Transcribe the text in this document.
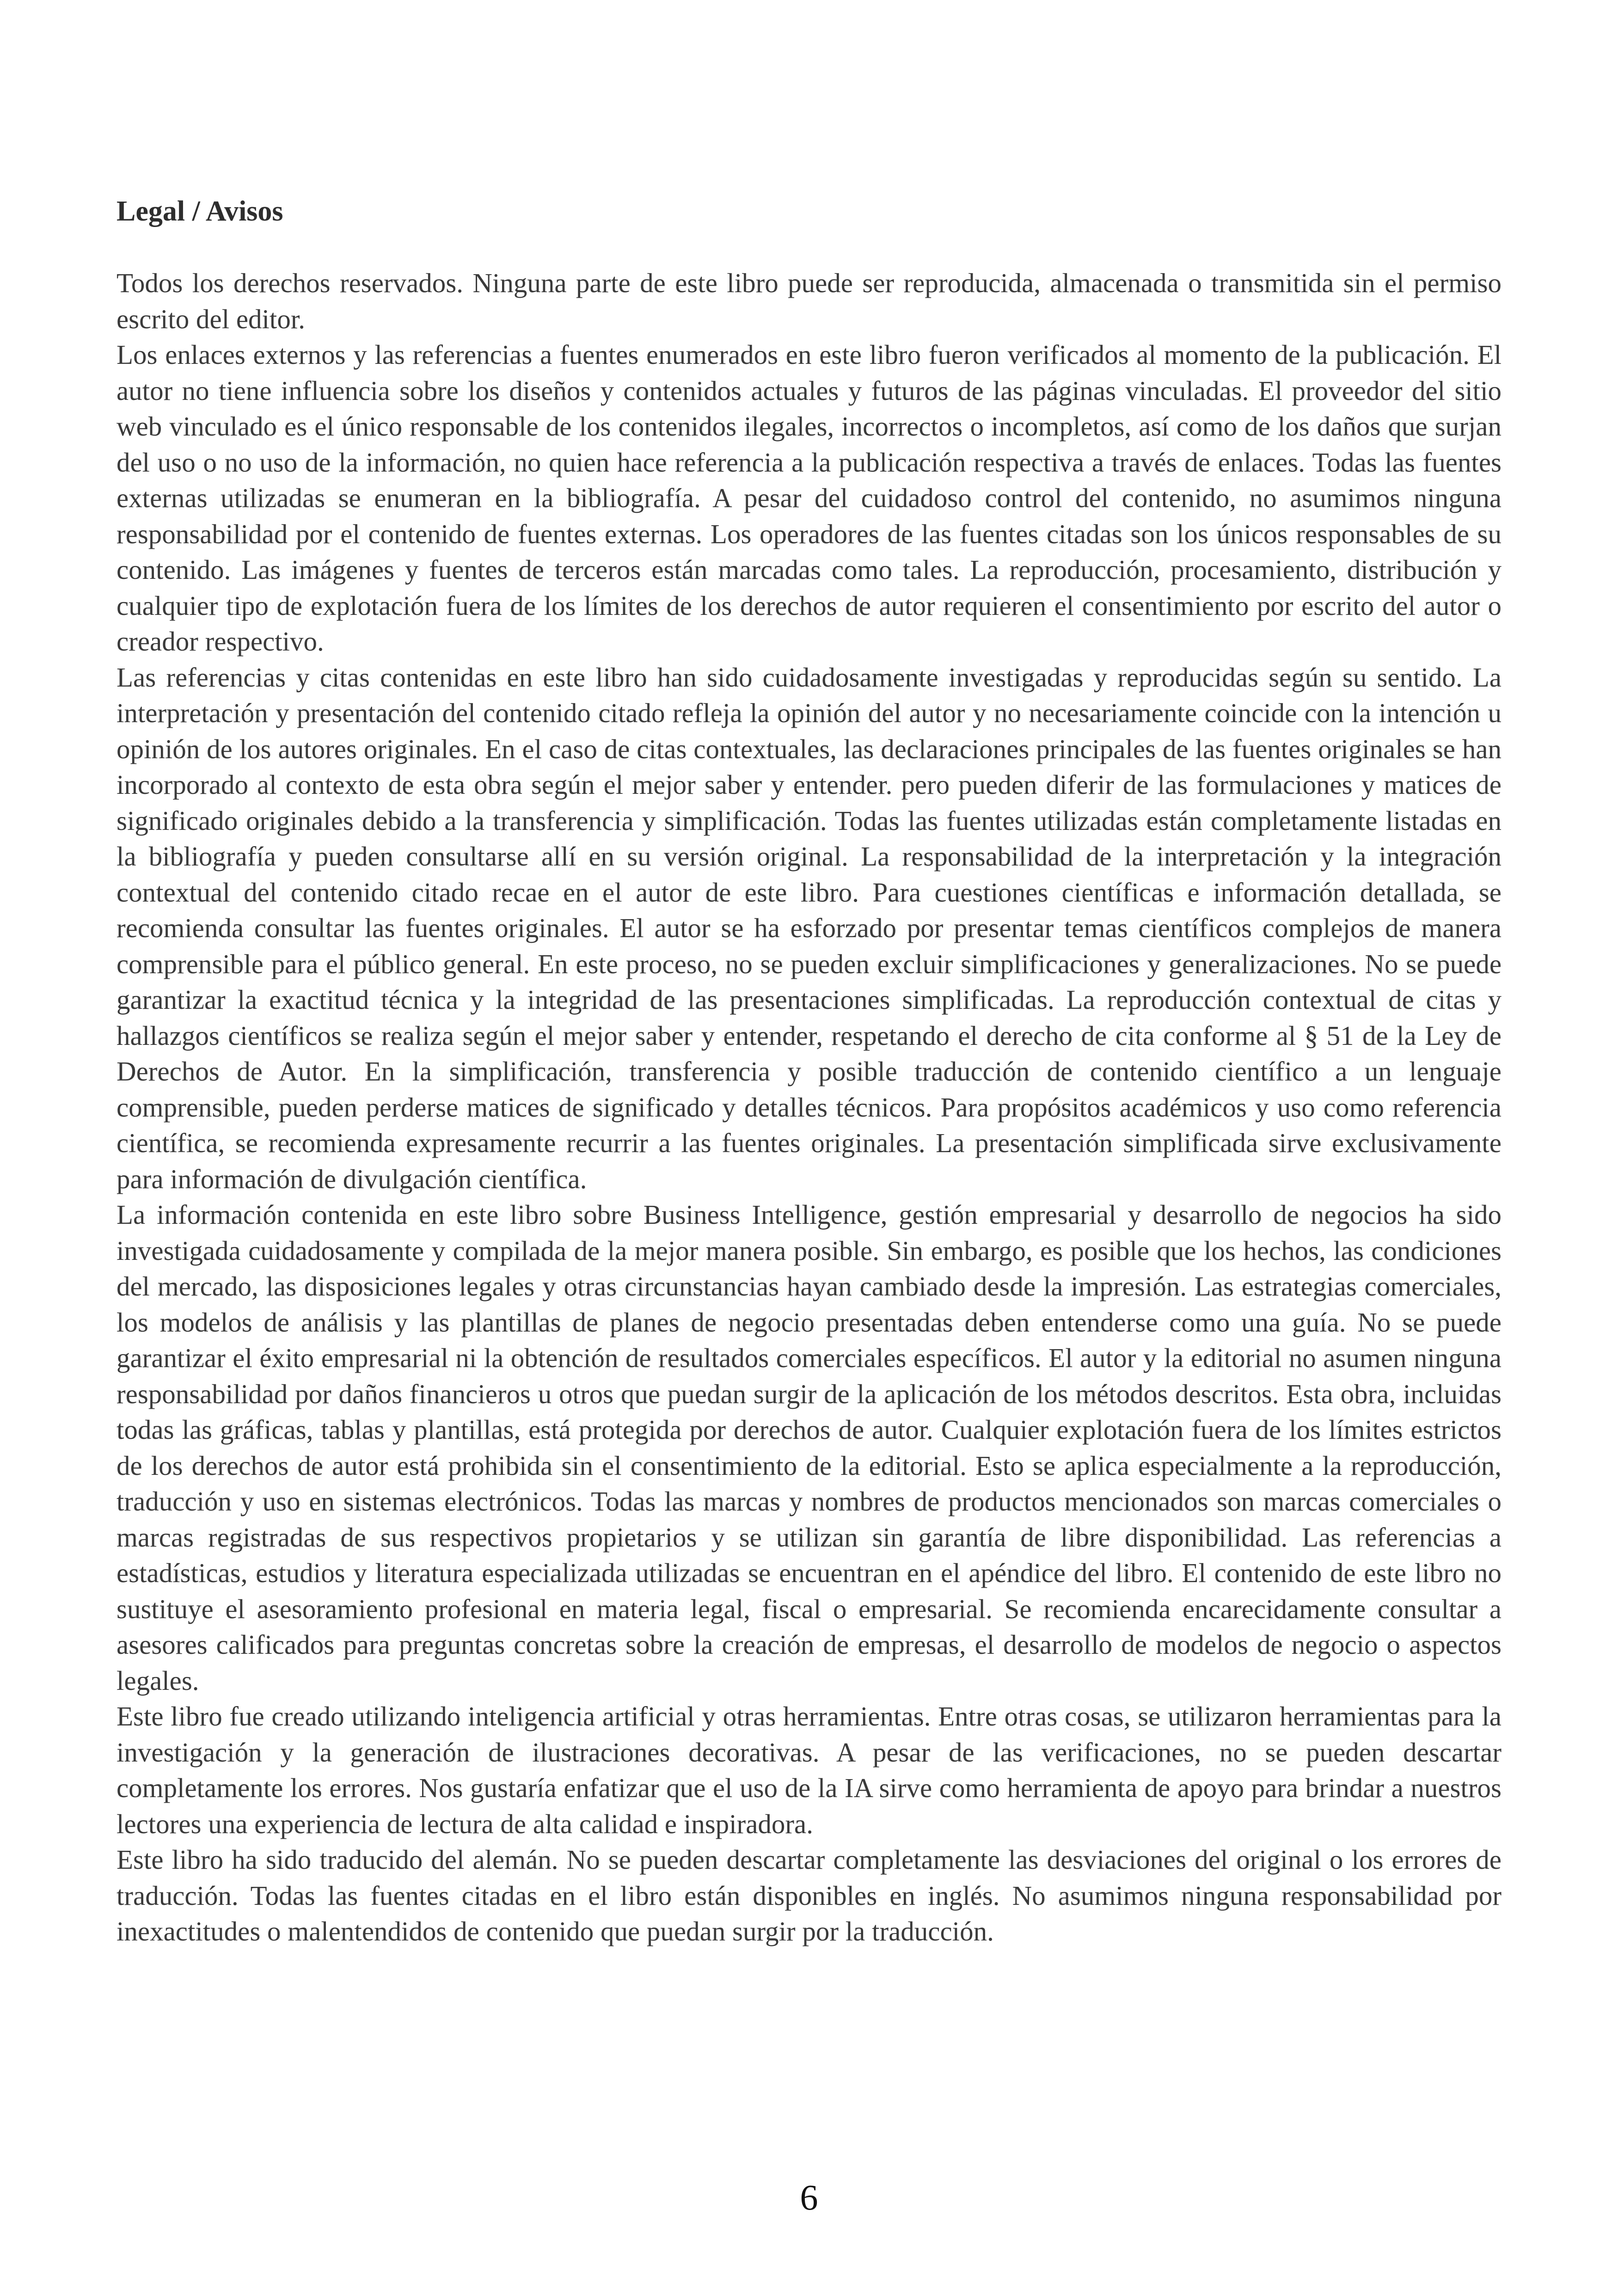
Legal / Avisos

Todos los derechos reservados. Ninguna parte de este libro puede ser reproducida, almacenada o transmitida sin el permiso escrito del editor.

Los enlaces externos y las referencias a fuentes enumerados en este libro fueron verificados al momento de la publicación. El autor no tiene influencia sobre los diseños y contenidos actuales y futuros de las páginas vinculadas. El proveedor del sitio web vinculado es el único responsable de los contenidos ilegales, incorrectos o incompletos, así como de los daños que surjan del uso o no uso de la información, no quien hace referencia a la publicación respectiva a través de enlaces. Todas las fuentes externas utilizadas se enumeran en la bibliografía. A pesar del cuidadoso control del contenido, no asumimos ninguna responsabilidad por el contenido de fuentes externas. Los operadores de las fuentes citadas son los únicos responsables de su contenido. Las imágenes y fuentes de terceros están marcadas como tales. La reproducción, procesamiento, distribución y cualquier tipo de explotación fuera de los límites de los derechos de autor requieren el consentimiento por escrito del autor o creador respectivo.

Las referencias y citas contenidas en este libro han sido cuidadosamente investigadas y reproducidas según su sentido. La interpretación y presentación del contenido citado refleja la opinión del autor y no necesariamente coincide con la intención u opinión de los autores originales. En el caso de citas contextuales, las declaraciones principales de las fuentes originales se han incorporado al contexto de esta obra según el mejor saber y entender. pero pueden diferir de las formulaciones y matices de significado originales debido a la transferencia y simplificación. Todas las fuentes utilizadas están completamente listadas en la bibliografía y pueden consultarse allí en su versión original. La responsabilidad de la interpretación y la integración contextual del contenido citado recae en el autor de este libro. Para cuestiones científicas e información detallada, se recomienda consultar las fuentes originales. El autor se ha esforzado por presentar temas científicos complejos de manera comprensible para el público general. En este proceso, no se pueden excluir simplificaciones y generalizaciones. No se puede garantizar la exactitud técnica y la integridad de las presentaciones simplificadas. La reproducción contextual de citas y hallazgos científicos se realiza según el mejor saber y entender, respetando el derecho de cita conforme al § 51 de la Ley de Derechos de Autor. En la simplificación, transferencia y posible traducción de contenido científico a un lenguaje comprensible, pueden perderse matices de significado y detalles técnicos. Para propósitos académicos y uso como referencia científica, se recomienda expresamente recurrir a las fuentes originales. La presentación simplificada sirve exclusivamente para información de divulgación científica.

La información contenida en este libro sobre Business Intelligence, gestión empresarial y desarrollo de negocios ha sido investigada cuidadosamente y compilada de la mejor manera posible. Sin embargo, es posible que los hechos, las condiciones del mercado, las disposiciones legales y otras circunstancias hayan cambiado desde la impresión. Las estrategias comerciales, los modelos de análisis y las plantillas de planes de negocio presentadas deben entenderse como una guía. No se puede garantizar el éxito empresarial ni la obtención de resultados comerciales específicos. El autor y la editorial no asumen ninguna responsabilidad por daños financieros u otros que puedan surgir de la aplicación de los métodos descritos. Esta obra, incluidas todas las gráficas, tablas y plantillas, está protegida por derechos de autor. Cualquier explotación fuera de los límites estrictos de los derechos de autor está prohibida sin el consentimiento de la editorial. Esto se aplica especialmente a la reproducción, traducción y uso en sistemas electrónicos. Todas las marcas y nombres de productos mencionados son marcas comerciales o marcas registradas de sus respectivos propietarios y se utilizan sin garantía de libre disponibilidad. Las referencias a estadísticas, estudios y literatura especializada utilizadas se encuentran en el apéndice del libro. El contenido de este libro no sustituye el asesoramiento profesional en materia legal, fiscal o empresarial. Se recomienda encarecidamente consultar a asesores calificados para preguntas concretas sobre la creación de empresas, el desarrollo de modelos de negocio o aspectos legales.

Este libro fue creado utilizando inteligencia artificial y otras herramientas. Entre otras cosas, se utilizaron herramientas para la investigación y la generación de ilustraciones decorativas. A pesar de las verificaciones, no se pueden descartar completamente los errores. Nos gustaría enfatizar que el uso de la IA sirve como herramienta de apoyo para brindar a nuestros lectores una experiencia de lectura de alta calidad e inspiradora.

Este libro ha sido traducido del alemán. No se pueden descartar completamente las desviaciones del original o los errores de traducción. Todas las fuentes citadas en el libro están disponibles en inglés. No asumimos ninguna responsabilidad por inexactitudes o malentendidos de contenido que puedan surgir por la traducción.

6
